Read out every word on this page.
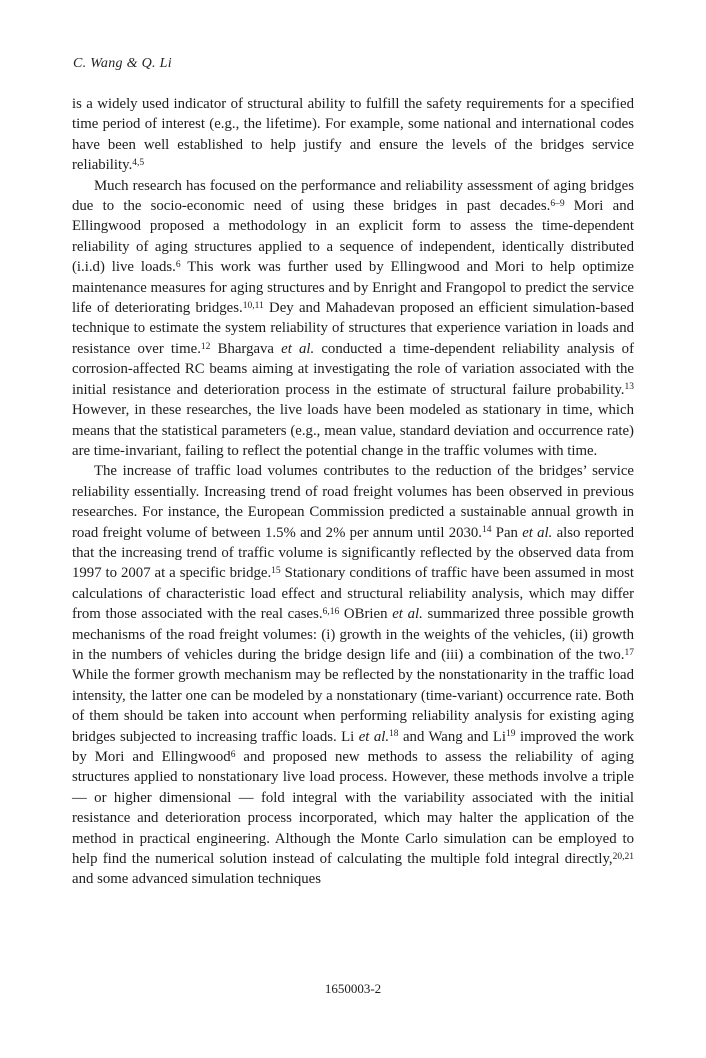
C. Wang & Q. Li

is a widely used indicator of structural ability to fulfill the safety requirements for a specified time period of interest (e.g., the lifetime). For example, some national and international codes have been well established to help justify and ensure the levels of the bridges service reliability.$^{4,5}$

Much research has focused on the performance and reliability assessment of aging bridges due to the socio-economic need of using these bridges in past decades.$^{6-9}$ Mori and Ellingwood proposed a methodology in an explicit form to assess the time-dependent reliability of aging structures applied to a sequence of independent, identically distributed (i.i.d) live loads.$^6$ This work was further used by Ellingwood and Mori to help optimize maintenance measures for aging structures and by Enright and Frangopol to predict the service life of deteriorating bridges.$^{10,11}$ Dey and Mahadevan proposed an efficient simulation-based technique to estimate the system reliability of structures that experience variation in loads and resistance over time.$^{12}$ Bhargava et al. conducted a time-dependent reliability analysis of corrosion-affected RC beams aiming at investigating the role of variation associated with the initial resistance and deterioration process in the estimate of structural failure probability.$^{13}$ However, in these researches, the live loads have been modeled as stationary in time, which means that the statistical parameters (e.g., mean value, standard deviation and occurrence rate) are time-invariant, failing to reflect the potential change in the traffic volumes with time.

The increase of traffic load volumes contributes to the reduction of the bridges’ service reliability essentially. Increasing trend of road freight volumes has been observed in previous researches. For instance, the European Commission predicted a sustainable annual growth in road freight volume of between 1.5% and 2% per annum until 2030.14 Pan et al. also reported that the increasing trend of traffic volume is significantly reflected by the observed data from 1997 to 2007 at a specific bridge.$^{15}$ Stationary conditions of traffic have been assumed in most calculations of characteristic load effect and structural reliability analysis, which may differ from those associated with the real cases.$^{6,16}$ OBrien et al. summarized three possible growth mechanisms of the road freight volumes: (i) growth in the weights of the vehicles, (ii) growth in the numbers of vehicles during the bridge design life and (iii) a combination of the two.$^{17}$ While the former growth mechanism may be reflected by the nonstationarity in the traffic load intensity, the latter one can be modeled by a nonstationary (time-variant) occurrence rate. Both of them should be taken into account when performing reliability analysis for existing aging bridges subjected to increasing traffic loads. Li et al.$^{18}$ and Wang and Li$^{19}$ improved the work by Mori and Ellingwood$^6$ and proposed new methods to assess the reliability of aging structures applied to nonstationary live load process. However, these methods involve a triple — or higher dimensional — fold integral with the variability associated with the initial resistance and deterioration process incorporated, which may halter the application of the method in practical engineering. Although the Monte Carlo simulation can be employed to help find the numerical solution instead of calculating the multiple fold integral directly,$^{20,21}$ and some advanced simulation techniques

1650003-2
